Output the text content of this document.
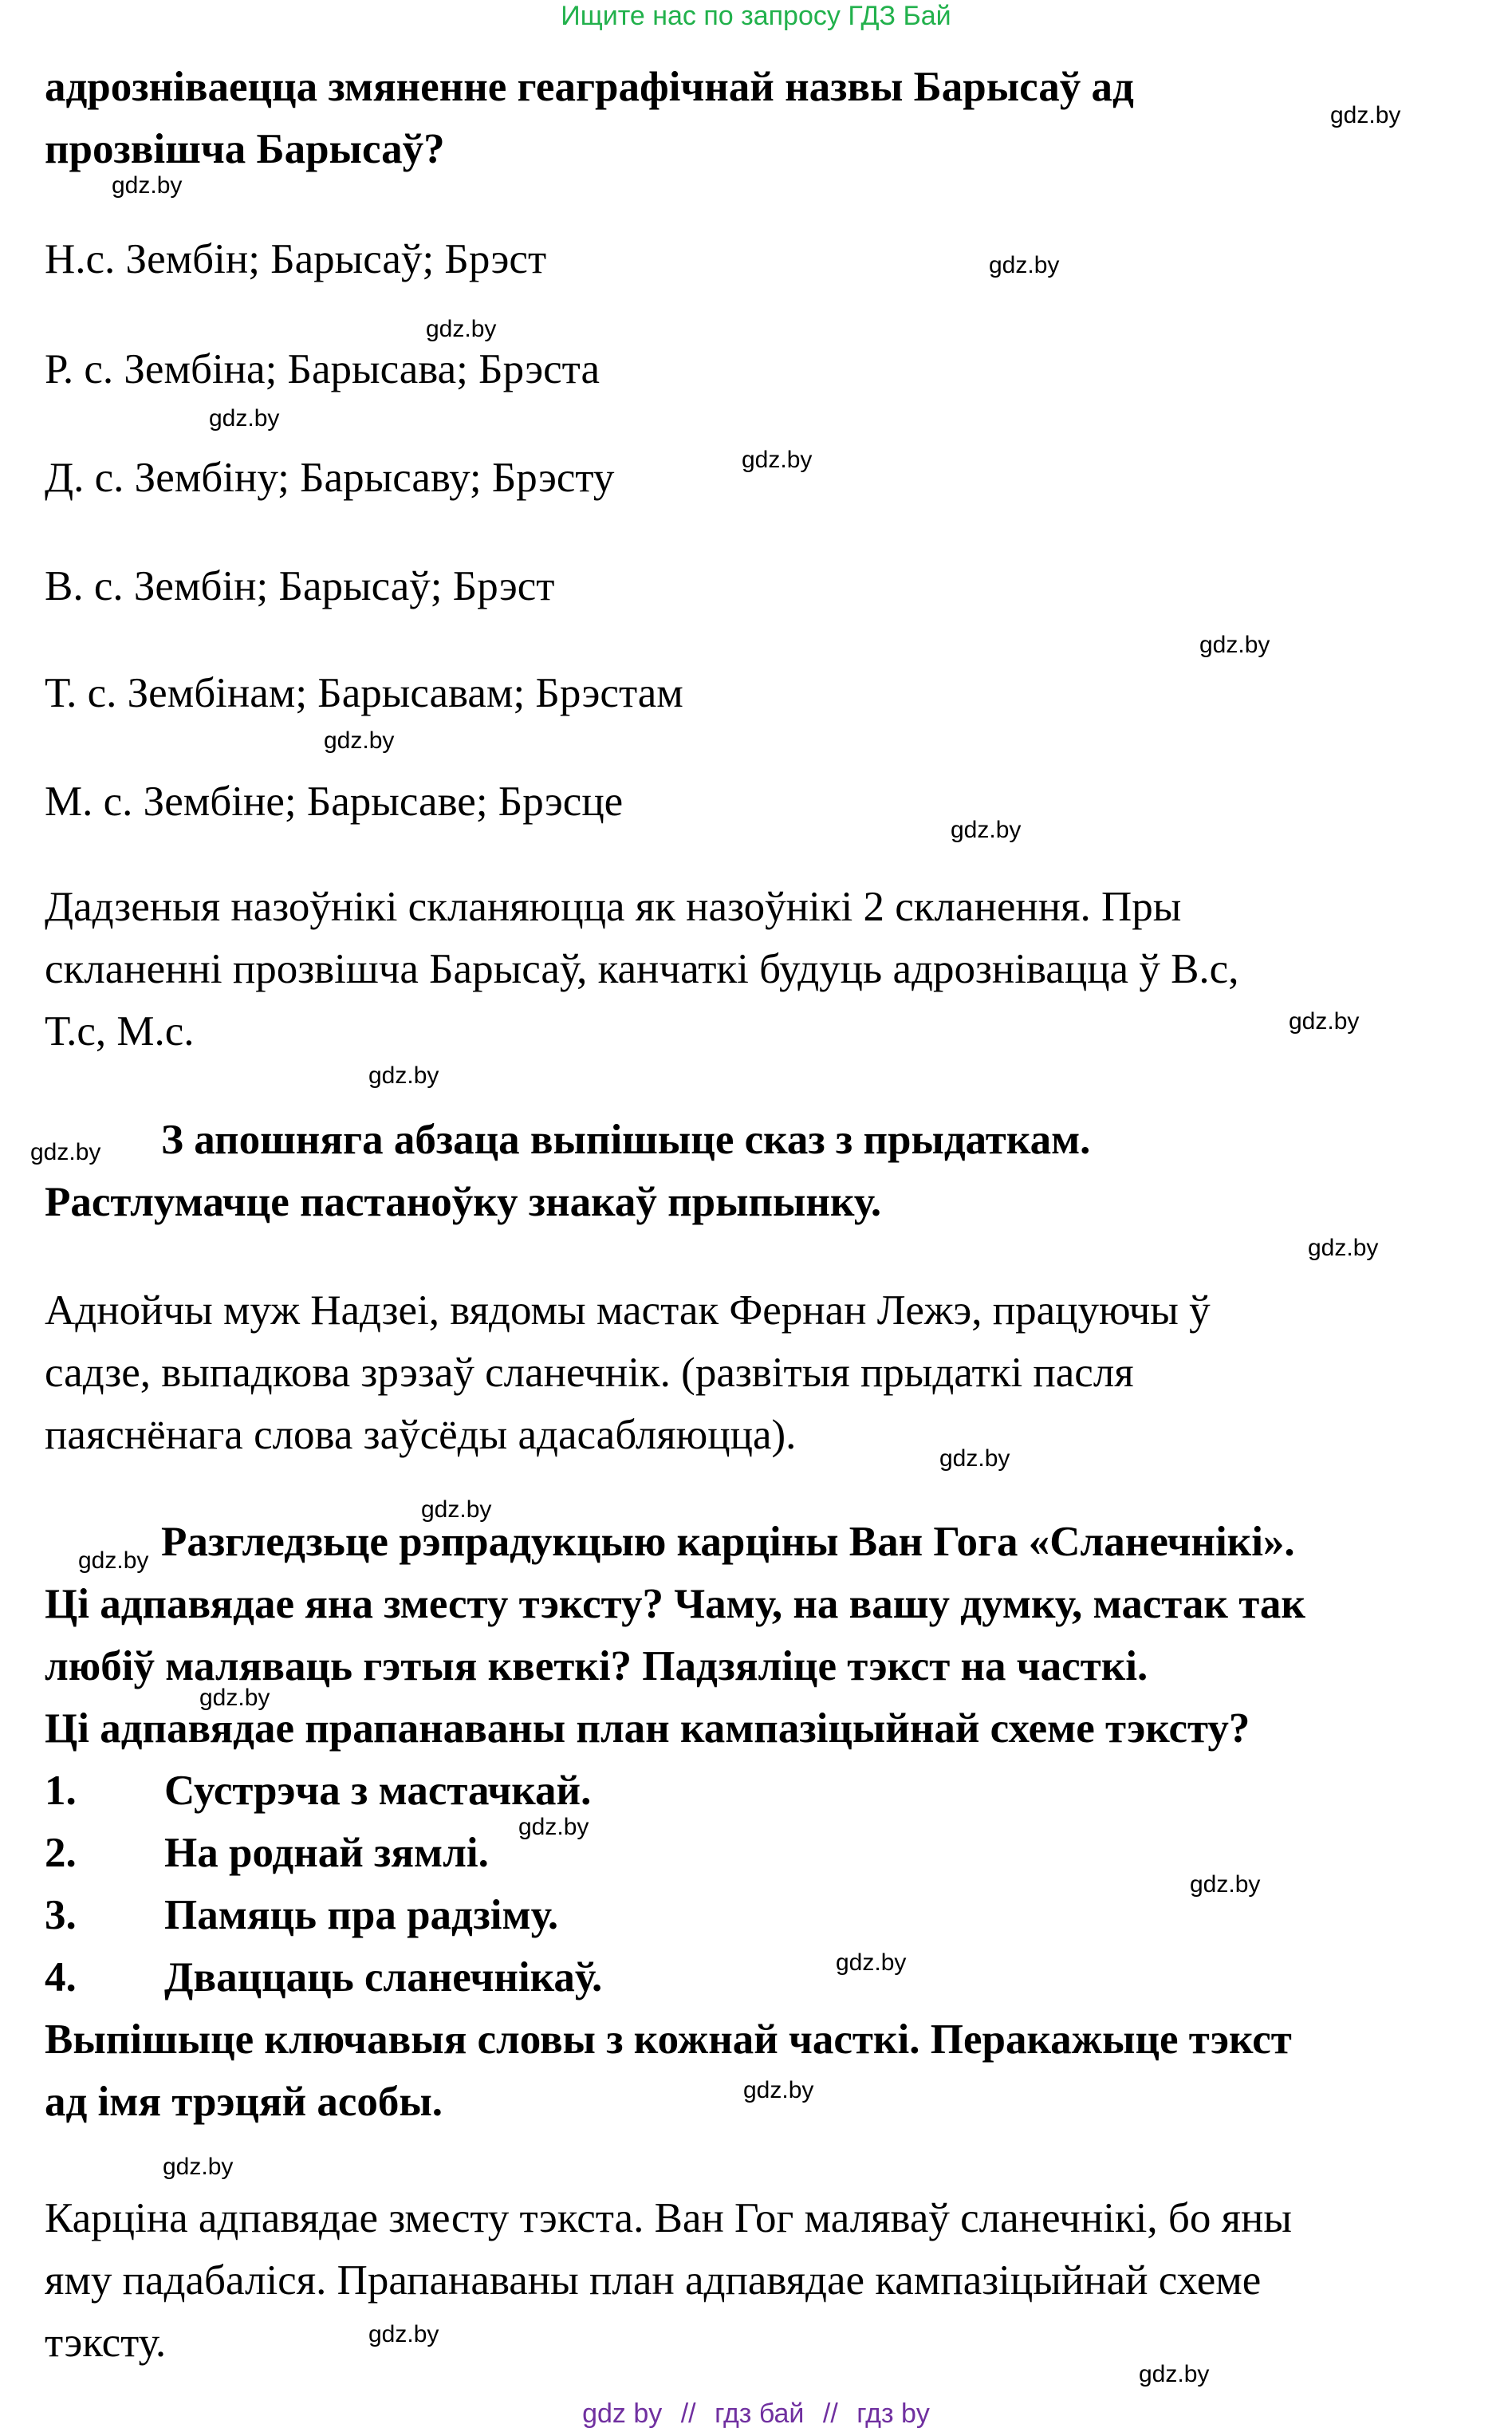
Ищите нас по запросу ГДЗ Бай
адрозніваецца змяненне геаграфічнай назвы Барысаў ад
прозвішча Барысаў?
Н.с. Зембін; Барысаў; Брэст
Р. с. Зембіна; Барысава; Брэста
Д. с. Зембіну; Барысаву; Брэсту
В. с. Зембін; Барысаў; Брэст
Т. с. Зембінам; Барысавам; Брэстам
М. с. Зембіне; Барысаве; Брэсце
Дадзеныя назоўнікі скланяюцца як назоўнікі 2 скланення. Пры
скланенні прозвішча Барысаў, канчаткі будуць адрознівацца ў В.с,
Т.с, М.с.
З апошняга абзаца выпішыце сказ з прыдаткам.
Растлумачце пастаноўку знакаў прыпынку.
Аднойчы муж Надзеі, вядомы мастак Фернан Лежэ, працуючы ў
садзе, выпадкова зрэзаў сланечнік. (развітыя прыдаткі пасля
паяснёнага слова заўсёды адасабляюцца).
Разгледзьце рэпрадукцыю карціны Ван Гога «Сланечнікі».
Ці адпавядае яна зместу тэксту? Чаму, на вашу думку, мастак так
любіў маляваць гэтыя кветкі? Падзяліце тэкст на часткі.
Ці адпавядае прапанаваны план кампазіцыйнай схеме тэксту?
1. Сустрэча з мастачкай.
2. На роднай зямлі.
3. Памяць пра радзіму.
4. Дваццаць сланечнікаў.
Выпішыце ключавыя словы з кожнай часткі. Перакажыце тэкст
ад імя трэцяй асобы.
Карціна адпавядае зместу тэкста. Ван Гог маляваў сланечнікі, бо яны
яму падабаліся. Прапанаваны план адпавядае кампазіцыйнай схеме
тэксту.
gdz.by
gdz.by
gdz.by
gdz.by
gdz.by
gdz.by
gdz.by
gdz.by
gdz.by
gdz.by
gdz.by
gdz.by
gdz.by
gdz.by
gdz.by
gdz.by
gdz.by
gdz.by
gdz.by
gdz.by
gdz.by
gdz.by
gdz.by
gdz.by
gdz by // гдз бай // гдз by
